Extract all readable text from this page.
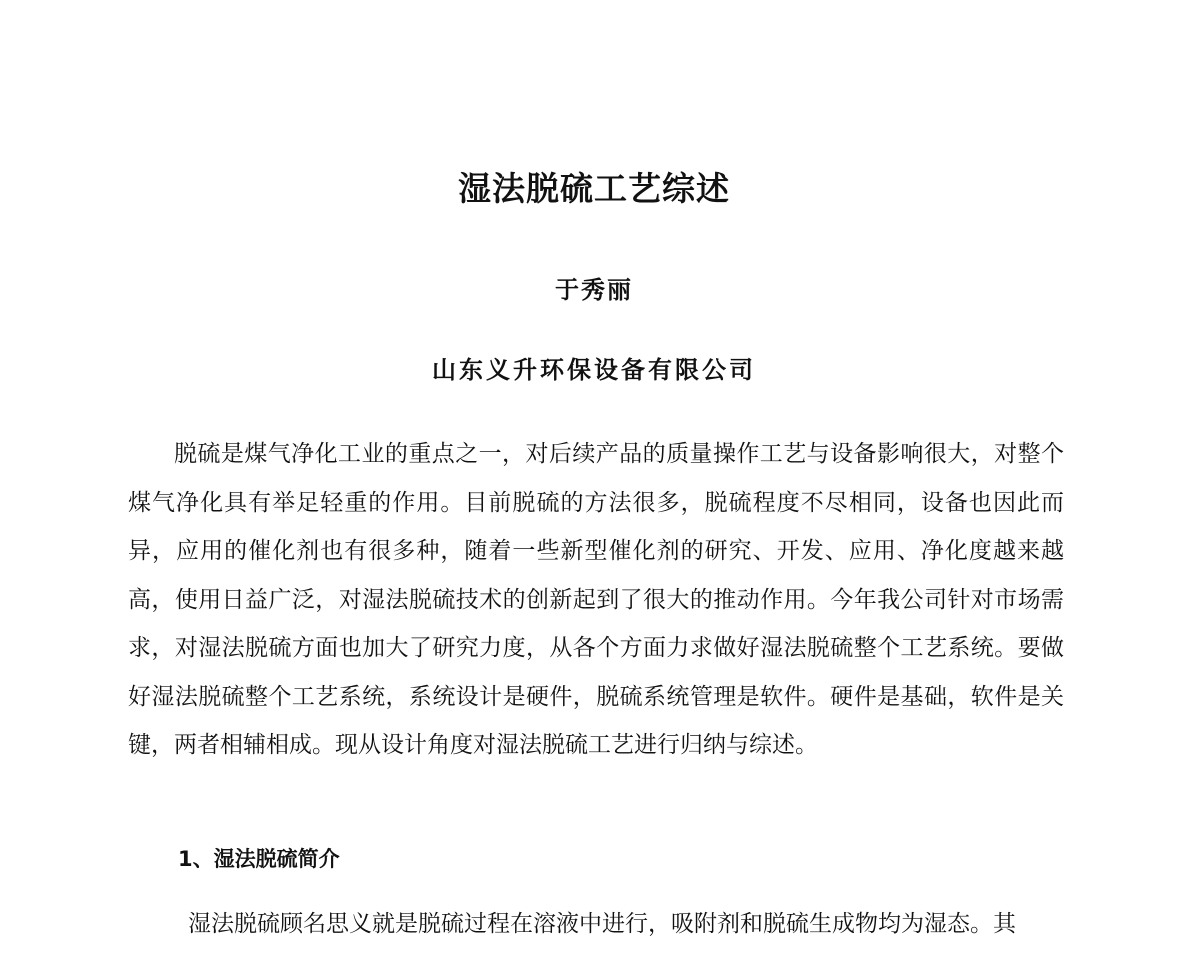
湿法脱硫工艺综述
于秀丽
山东义升环保设备有限公司
脱硫是煤气净化工业的重点之一，对后续产品的质量操作工艺与设备影响很大，对整个煤气净化具有举足轻重的作用。目前脱硫的方法很多，脱硫程度不尽相同，设备也因此而异，应用的催化剂也有很多种，随着一些新型催化剂的研究、开发、应用、净化度越来越高，使用日益广泛，对湿法脱硫技术的创新起到了很大的推动作用。今年我公司针对市场需求，对湿法脱硫方面也加大了研究力度，从各个方面力求做好湿法脱硫整个工艺系统。要做好湿法脱硫整个工艺系统，系统设计是硬件，脱硫系统管理是软件。硬件是基础，软件是关键，两者相辅相成。现从设计角度对湿法脱硫工艺进行归纳与综述。
1、湿法脱硫简介
湿法脱硫顾名思义就是脱硫过程在溶液中进行，吸附剂和脱硫生成物均为湿态。其
